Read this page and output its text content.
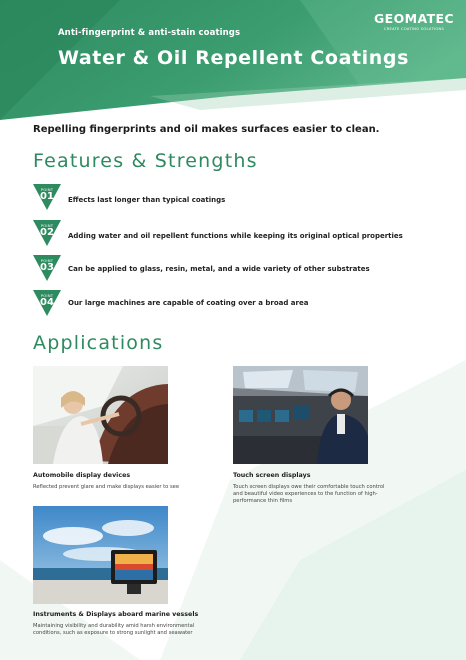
Anti-fingerprint & anti-stain coatings
Water & Oil Repellent Coatings
GEOMATEC
CREATE COATING SOLUTIONS
Repelling fingerprints and oil makes surfaces easier to clean.
Features & Strengths
POINT
01	Effects last longer than typical coatings
POINT
02	Adding water and oil repellent functions while keeping its original optical properties
POINT
03	Can be applied to glass, resin, metal, and a wide variety of other substrates
POINT
04	Our large machines are capable of coating over a broad area
Applications
Automobile display devices
Reflected prevent glare and make displays easier to see
Touch screen displays
Touch screen displays owe their comfortable touch control and beautiful video experiences to the function of high-performance thin films
Instruments & Displays aboard marine vessels
Maintaining visibility and durability amid harsh environmental conditions, such as exposure to strong sunlight and seawater
